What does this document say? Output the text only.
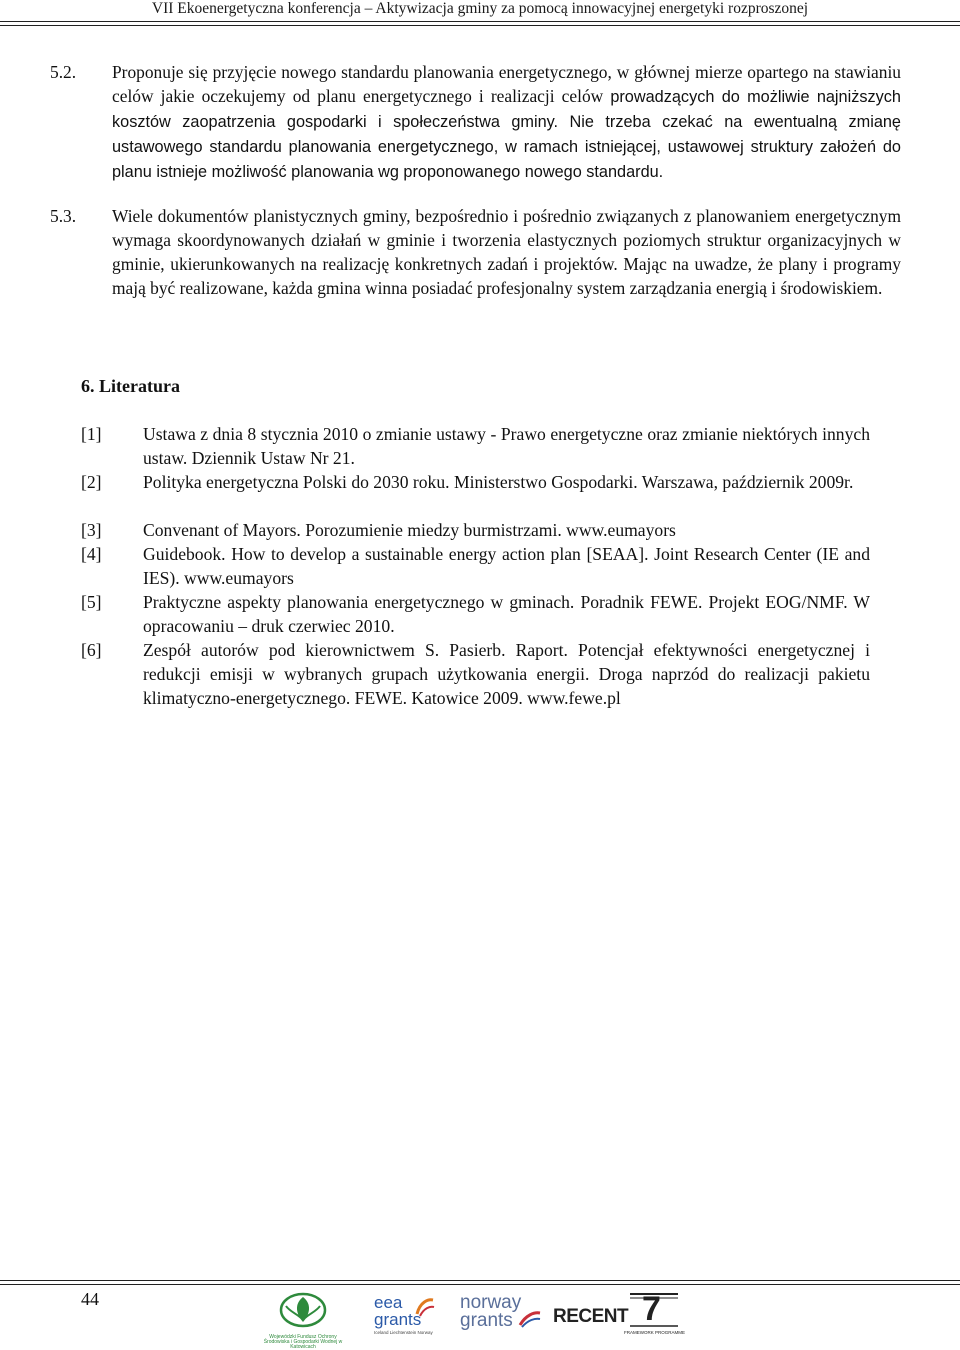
VII Ekoenergetyczna konferencja – Aktywizacja gminy za pomocą innowacyjnej energetyki rozproszonej
5.2. Proponuje się przyjęcie nowego standardu planowania energetycznego, w głównej mierze opartego na stawianiu celów jakie oczekujemy od planu energetycznego i realizacji celów prowadzących do możliwie najniższych kosztów zaopatrzenia gospodarki i społeczeństwa gminy. Nie trzeba czekać na ewentualną zmianę ustawowego standardu planowania energetycznego, w ramach istniejącej, ustawowej struktury założeń do planu istnieje możliwość planowania wg proponowanego nowego standardu.
5.3. Wiele dokumentów planistycznych gminy, bezpośrednio i pośrednio związanych z planowaniem energetycznym wymaga skoordynowanych działań w gminie i tworzenia elastycznych poziomych struktur organizacyjnych w gminie, ukierunkowanych na realizację konkretnych zadań i projektów. Mając na uwadze, że plany i programy mają być realizowane, każda gmina winna posiadać profesjonalny system zarządzania energią i środowiskiem.
6. Literatura
[1]	Ustawa z dnia 8 stycznia 2010 o zmianie ustawy - Prawo energetyczne oraz zmianie niektórych innych ustaw. Dziennik Ustaw Nr 21.
[2]	Polityka energetyczna Polski do 2030 roku. Ministerstwo Gospodarki. Warszawa, październik 2009r.
[3]	Convenant of Mayors. Porozumienie miedzy burmistrzami. www.eumayors
[4]	Guidebook. How to develop a sustainable energy action plan [SEAA]. Joint Research Center (IE and IES). www.eumayors
[5]	Praktyczne aspekty planowania energetycznego w gminach. Poradnik FEWE. Projekt EOG/NMF. W opracowaniu – druk czerwiec 2010.
[6]	Zespół autorów pod kierownictwem S. Pasierb. Raport. Potencjał efektywności energetycznej i redukcji emisji w wybranych grupach użytkowania energii. Droga naprzód do realizacji pakietu klimatyczno-energetycznego. FEWE. Katowice 2009. www.fewe.pl
44
Wojewódzki Fundusz Ochrony Środowiska i Gospodarki Wodnej w Katowicach
eea
grants
Iceland Liechtenstein Norway
norway
grants RECENT 7
FRAMEWORK PROGRAMME
